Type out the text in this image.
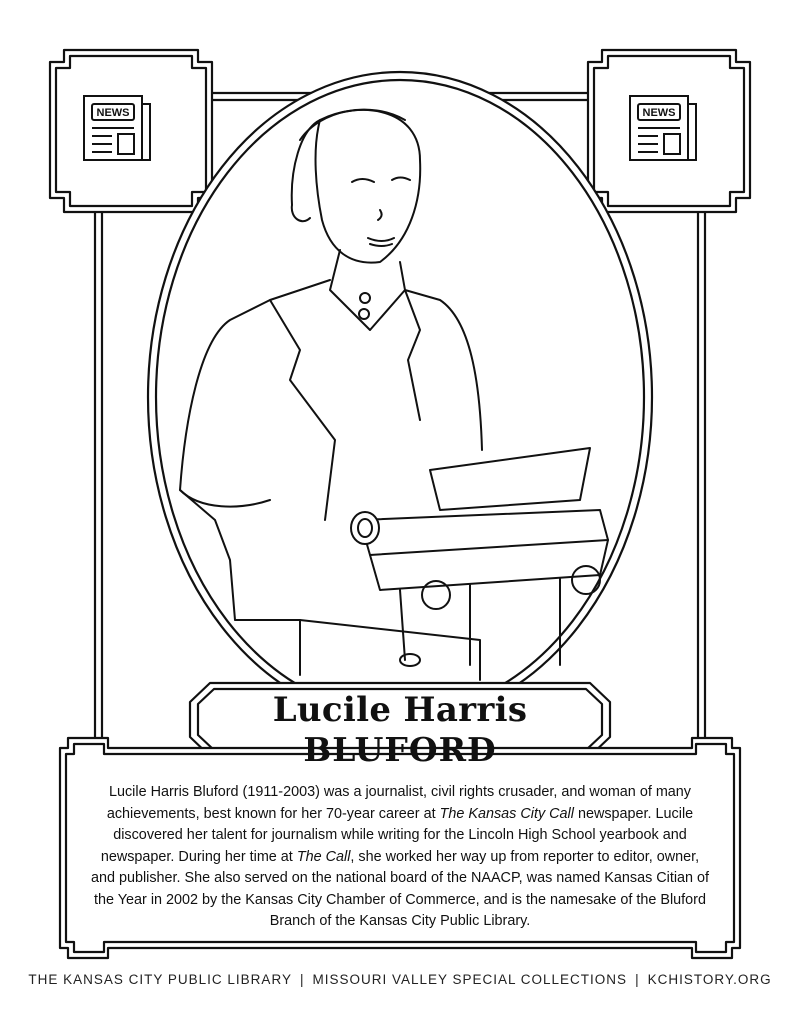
NEWS	NEWS
Lucile Harris
BLUFORD

Lucile Harris Bluford (1911-2003) was a journalist, civil rights crusader, and woman of many achievements, best known for her 70-year career at The Kansas City Call newspaper. Lucile discovered her talent for journalism while writing for the Lincoln High School yearbook and newspaper. During her time at The Call, she worked her way up from reporter to editor, owner, and publisher. She also served on the national board of the NAACP, was named Kansas Citian of the Year in 2002 by the Kansas City Chamber of Commerce, and is the namesake of the Bluford Branch of the Kansas City Public Library.

THE KANSAS CITY PUBLIC LIBRARY | MISSOURI VALLEY SPECIAL COLLECTIONS | KCHISTORY.ORG
